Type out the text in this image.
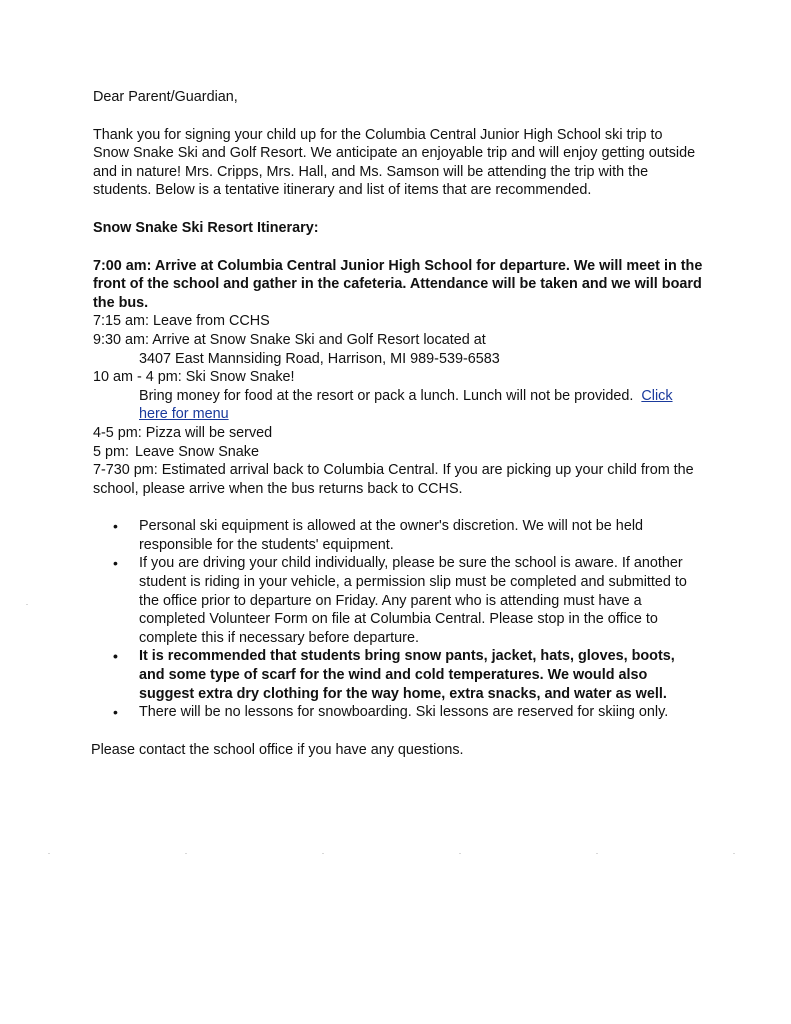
Dear Parent/Guardian,

Thank you for signing your child up for the Columbia Central Junior High School ski trip to Snow Snake Ski and Golf Resort. We anticipate an enjoyable trip and will enjoy getting outside and in nature! Mrs. Cripps, Mrs. Hall, and Ms. Samson will be attending the trip with the students. Below is a tentative itinerary and list of items that are recommended.

Snow Snake Ski Resort Itinerary:

7:00 am: Arrive at Columbia Central Junior High School for departure. We will meet in the front of the school and gather in the cafeteria. Attendance will be taken and we will board the bus.

7:15 am: Leave from CCHS

9:30 am: Arrive at Snow Snake Ski and Golf Resort located at

3407 East Mannsiding Road, Harrison, MI 989-539-6583

10 am - 4 pm: Ski Snow Snake!

Bring money for food at the resort or pack a lunch. Lunch will not be provided. Click here for menu

4-5 pm: Pizza will be served

5 pm: Leave Snow Snake

7-730 pm: Estimated arrival back to Columbia Central. If you are picking up your child from the school, please arrive when the bus returns back to CCHS.

• Personal ski equipment is allowed at the owner's discretion. We will not be held responsible for the students' equipment.
• If you are driving your child individually, please be sure the school is aware. If another student is riding in your vehicle, a permission slip must be completed and submitted to the office prior to departure on Friday. Any parent who is attending must have a completed Volunteer Form on file at Columbia Central. Please stop in the office to complete this if necessary before departure.
• It is recommended that students bring snow pants, jacket, hats, gloves, boots, and some type of scarf for the wind and cold temperatures. We would also suggest extra dry clothing for the way home, extra snacks, and water as well.
• There will be no lessons for snowboarding. Ski lessons are reserved for skiing only.

Please contact the school office if you have any questions.
